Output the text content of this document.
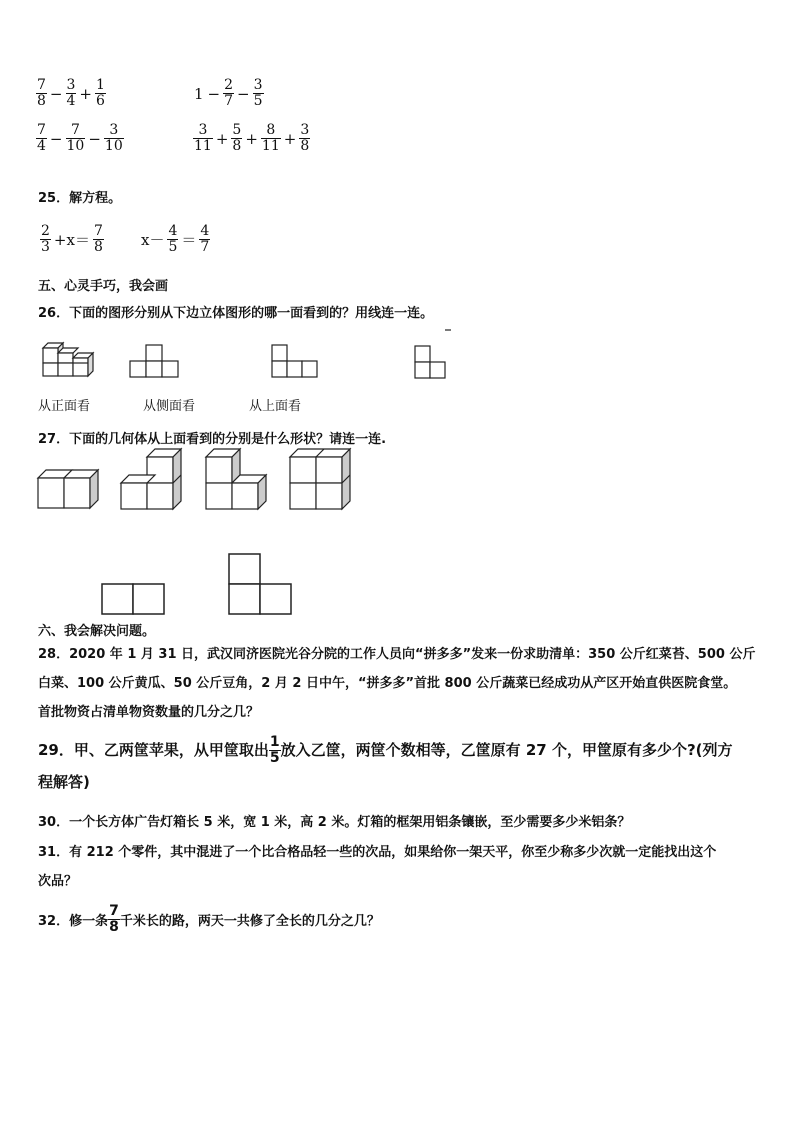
$\frac{7}{8} - \frac{3}{4} + \frac{1}{6}$	$1 - \frac{2}{7} - \frac{3}{5}$
$\frac{7}{4} - \frac{7}{10} - \frac{3}{10}$	$\frac{3}{11} + \frac{5}{8} + \frac{8}{11} + \frac{3}{8}$
25．解方程。
$\frac{2}{3} +x= \frac{7}{8} x- \frac{4}{5} = \frac{4}{7}$
五、心灵手巧，我会画
26．下面的图形分别从下边立体图形的哪一面看到的？用线连一连。
从正面看	从侧面看	从上面看
27．下面的几何体从上面看到的分别是什么形状？请连一连.
六、我会解决问题。
28．2020 年 1 月 31 日，武汉同济医院光谷分院的工作人员向“拼多多”发来一份求助清单：350 公斤红菜苔、500 公斤
白菜、100 公斤黄瓜、50 公斤豆角，2 月 2 日中午，“拼多多”首批 800 公斤蔬菜已经成功从产区开始直供医院食堂。
首批物资占清单物资数量的几分之几？
29．甲、乙两筐苹果，从甲筐取出 $\frac{1}{5}$ 放入乙筐，两筐个数相等，乙筐原有 27 个，甲筐原有多少个?(列方
程解答)
30．一个长方体广告灯箱长 5 米，宽 1 米，高 2 米。灯箱的框架用铝条镶嵌，至少需要多少米铝条？
31．有 212 个零件，其中混进了一个比合格品轻一些的次品，如果给你一架天平，你至少称多少次就一定能找出这个
次品？
32．修一条 $\frac{7}{8}$ 千米长的路，两天一共修了全长的几分之几？
